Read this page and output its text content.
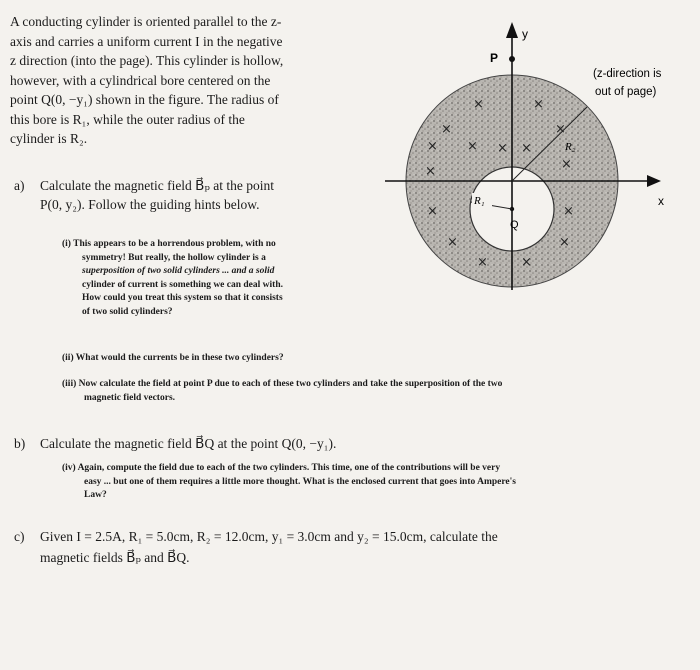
A conducting cylinder is oriented parallel to the z-
axis and carries a uniform current I in the negative
z direction (into the page). This cylinder is hollow,
however, with a cylindrical bore centered on the
point Q(0, −y₁) shown in the figure. The radius of
this bore is R₁, while the outer radius of the
cylinder is R₂.
a) Calculate the magnetic field B⃗ₚ at the point
P(0, y₂). Follow the guiding hints below.
(i) This appears to be a horrendous problem, with no
symmetry! But really, the hollow cylinder is a
superposition of two solid cylinders ... and a solid
cylinder of current is something we can deal with.
How could you treat this system so that it consists
of two solid cylinders?
(ii) What would the currents be in these two cylinders?
(iii) Now calculate the field at point P due to each of these two cylinders and take the superposition of the two
magnetic field vectors.
b) Calculate the magnetic field B⃗Q at the point Q(0, −y₁).
(iv) Again, compute the field due to each of the two cylinders. This time, one of the contributions will be very
easy ... but one of them requires a little more thought. What is the enclosed current that goes into Ampere's
Law?
c) Given I = 2.5A, R₁ = 5.0cm, R₂ = 12.0cm, y₁ = 3.0cm and y₂ = 15.0cm, calculate the
magnetic fields B⃗ₚ and B⃗Q.
y
x
P
Q
R₁
R₂
(z-direction is
out of page)
×	×
×	×
× × ×
×
×
×
×	×
×	×
×	×
